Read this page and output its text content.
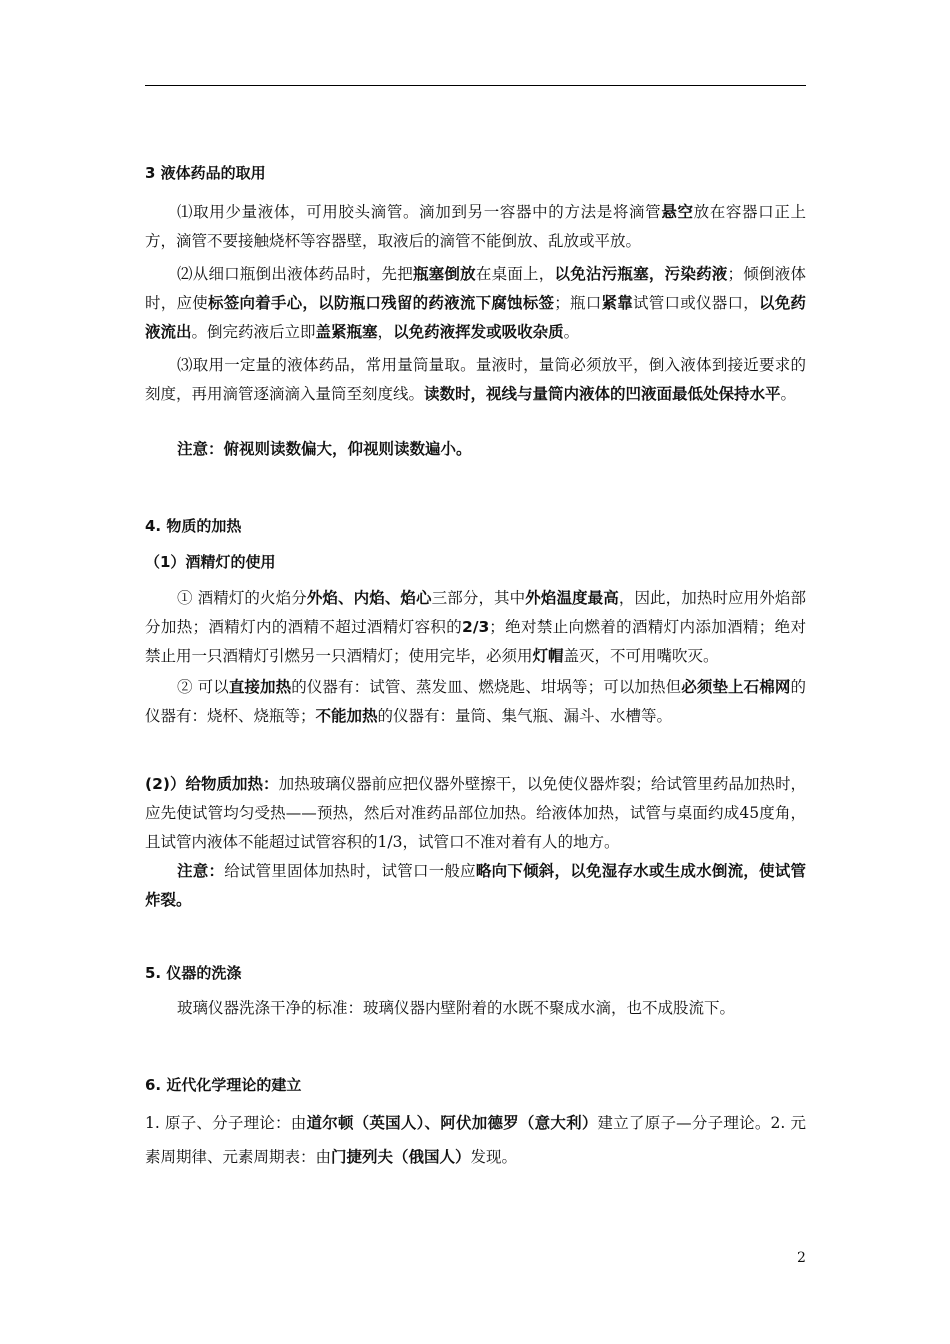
3 液体药品的取用
⑴取用少量液体，可用胶头滴管。滴加到另一容器中的方法是将滴管悬空放在容器口正上方，滴管不要接触烧杯等容器壁，取液后的滴管不能倒放、乱放或平放。
⑵从细口瓶倒出液体药品时，先把瓶塞倒放在桌面上，以免沾污瓶塞，污染药液；倾倒液体时，应使标签向着手心，以防瓶口残留的药液流下腐蚀标签；瓶口紧靠试管口或仪器口，以免药液流出。倒完药液后立即盖紧瓶塞，以免药液挥发或吸收杂质。
⑶取用一定量的液体药品，常用量筒量取。量液时，量筒必须放平，倒入液体到接近要求的刻度，再用滴管逐滴滴入量筒至刻度线。读数时，视线与量筒内液体的凹液面最低处保持水平。
注意：俯视则读数偏大，仰视则读数遍小。
4. 物质的加热
（1）酒精灯的使用
① 酒精灯的火焰分外焰、内焰、焰心三部分，其中外焰温度最高，因此，加热时应用外焰部分加热；酒精灯内的酒精不超过酒精灯容积的2/3；绝对禁止向燃着的酒精灯内添加酒精；绝对禁止用一只酒精灯引燃另一只酒精灯；使用完毕，必须用灯帽盖灭，不可用嘴吹灭。
② 可以直接加热的仪器有：试管、蒸发皿、燃烧匙、坩埚等；可以加热但必须垫上石棉网的仪器有：烧杯、烧瓶等；不能加热的仪器有：量筒、集气瓶、漏斗、水槽等。
(2)）给物质加热：加热玻璃仪器前应把仪器外壁擦干，以免使仪器炸裂；给试管里药品加热时，应先使试管均匀受热——预热，然后对准药品部位加热。给液体加热，试管与桌面约成45度角，且试管内液体不能超过试管容积的1/3，试管口不准对着有人的地方。
注意：给试管里固体加热时，试管口一般应略向下倾斜，以免湿存水或生成水倒流，使试管炸裂。
5. 仪器的洗涤
玻璃仪器洗涤干净的标准：玻璃仪器内壁附着的水既不聚成水滴，也不成股流下。
6. 近代化学理论的建立
1. 原子、分子理论：由道尔顿（英国人）、阿伏加德罗（意大利）建立了原子—分子理论。2. 元素周期律、元素周期表：由门捷列夫（俄国人）发现。
2
